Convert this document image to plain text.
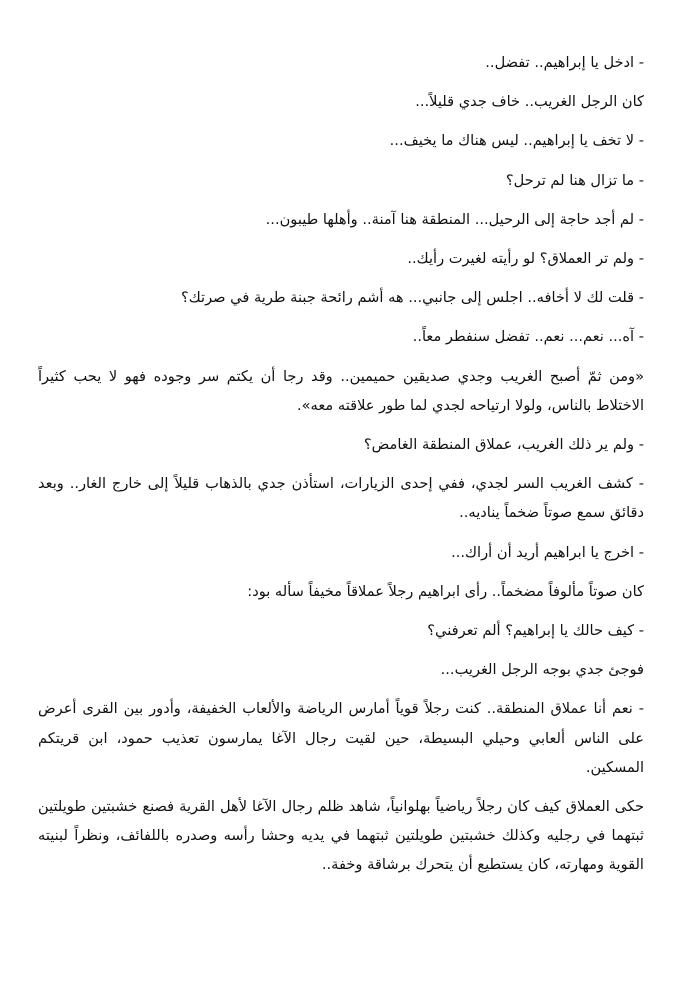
- ادخل يا إبراهيم.. تفضل..

كان الرجل الغريب.. خاف جدي قليلاً...

- لا تخف يا إبراهيم.. ليس هناك ما يخيف...

- ما تزال هنا لم ترحل؟

- لم أجد حاجة إلى الرحيل... المنطقة هنا آمنة.. وأهلها طيبون...

- ولم تر العملاق؟ لو رأيته لغيرت رأيك..

- قلت لك لا أخافه.. اجلس إلى جانبي... هه أشم رائحة جبنة طرية في صرتك؟

- آه... نعم... نعم.. تفضل سنفطر معاً..

«ومن ثمّ أصبح الغريب وجدي صديقين حميمين.. وقد رجا أن يكتم سر وجوده فهو لا يحب كثيراً الاختلاط بالناس، ولولا ارتياحه لجدي لما طور علاقته معه».

- ولم ير ذلك الغريب، عملاق المنطقة الغامض؟

- كشف الغريب السر لجدي، ففي إحدى الزيارات، استأذن جدي بالذهاب قليلاً إلى خارج الغار.. وبعد دقائق سمع صوتاً ضخماً يناديه..

- اخرج يا ابراهيم أريد أن أراك...

كان صوتاً مألوفاً مضخماً.. رأى ابراهيم رجلاً عملاقاً مخيفاً سأله بود:

- كيف حالك يا إبراهيم؟ ألم تعرفني؟

فوجئ جدي بوجه الرجل الغريب...

- نعم أنا عملاق المنطقة.. كنت رجلاً قوياً أمارس الرياضة والألعاب الخفيفة، وأدور بين القرى أعرض على الناس ألعابي وحيلي البسيطة، حين لقيت رجال الآغا يمارسون تعذيب حمود، ابن قريتكم المسكين.

حكى العملاق كيف كان رجلاً رياضياً بهلوانياً، شاهد ظلم رجال الآغا لأهل القرية فصنع خشبتين طويلتين ثبتهما في رجليه وكذلك خشبتين طويلتين ثبتهما في يديه وحشا رأسه وصدره باللفائف، ونظراً لبنيته القوية ومهارته، كان يستطيع أن يتحرك برشاقة وخفة..
